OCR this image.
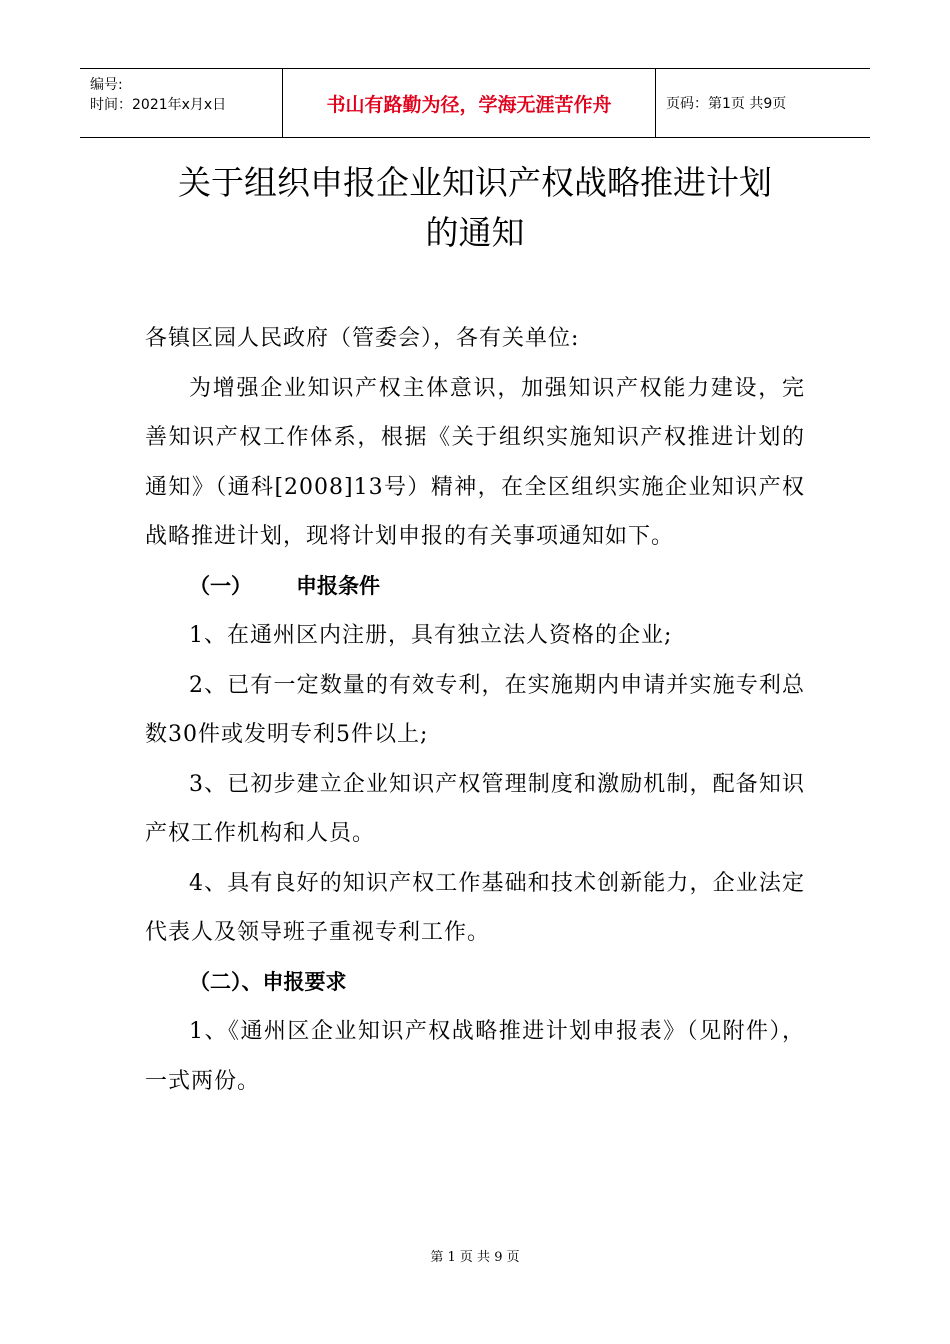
编号:
时间：2021年x月x日	书山有路勤为径，学海无涯苦作舟	页码：第1页 共9页
关于组织申报企业知识产权战略推进计划
的通知

各镇区园人民政府（管委会），各有关单位:

为增强企业知识产权主体意识，加强知识产权能力建设，完善知识产权工作体系，根据《关于组织实施知识产权推进计划的通知》（通科[2008]13号）精神，在全区组织实施企业知识产权战略推进计划，现将计划申报的有关事项通知如下。

（一） 申报条件

1、在通州区内注册，具有独立法人资格的企业;

2、已有一定数量的有效专利，在实施期内申请并实施专利总数30件或发明专利5件以上;

3、已初步建立企业知识产权管理制度和激励机制，配备知识产权工作机构和人员。

4、具有良好的知识产权工作基础和技术创新能力，企业法定代表人及领导班子重视专利工作。

（二）、申报要求

1、《通州区企业知识产权战略推进计划申报表》（见附件），一式两份。

第 1 页 共 9 页
